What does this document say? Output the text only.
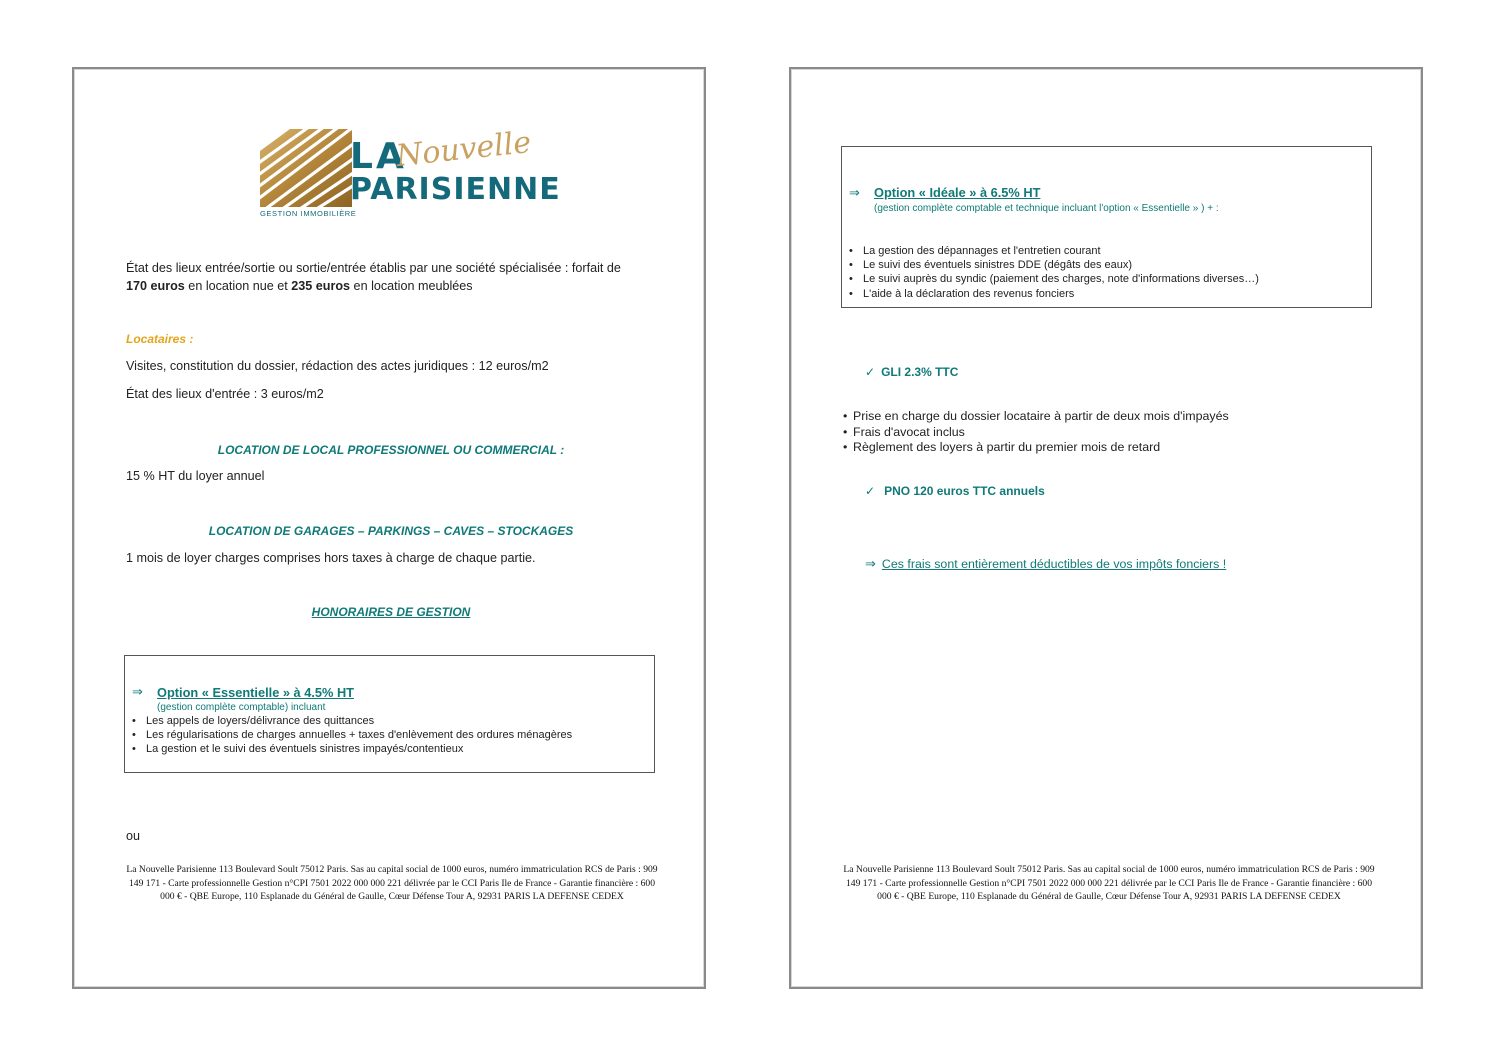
LA
Nouvelle
PARISIENNE
GESTION IMMOBILIÈRE
État des lieux entrée/sortie ou sortie/entrée établis par une société spécialisée : forfait de
170 euros en location nue et 235 euros en location meublées
Locataires :
Visites, constitution du dossier, rédaction des actes juridiques : 12 euros/m2
État des lieux d'entrée : 3 euros/m2
LOCATION DE LOCAL PROFESSIONNEL OU COMMERCIAL :
15 % HT du loyer annuel
LOCATION DE GARAGES – PARKINGS – CAVES – STOCKAGES
1 mois de loyer charges comprises hors taxes à charge de chaque partie.
HONORAIRES DE GESTION
⇒ Option « Essentielle » à 4.5% HT
(gestion complète comptable) incluant
• Les appels de loyers/délivrance des quittances
• Les régularisations de charges annuelles + taxes d'enlèvement des ordures ménagères
• La gestion et le suivi des éventuels sinistres impayés/contentieux
ou
La Nouvelle Parisienne 113 Boulevard Soult 75012 Paris. Sas au capital social de 1000 euros, numéro immatriculation RCS de Paris : 909 149 171 - Carte professionnelle Gestion n°CPI 7501 2022 000 000 221 délivrée par le CCI Paris Ile de France - Garantie financière : 600 000 € - QBE Europe, 110 Esplanade du Général de Gaulle, Cœur Défense Tour A, 92931 PARIS LA DEFENSE CEDEX
⇒ Option « Idéale » à 6.5% HT
(gestion complète comptable et technique incluant l'option « Essentielle » ) + :
• La gestion des dépannages et l'entretien courant
• Le suivi des éventuels sinistres DDE (dégâts des eaux)
• Le suivi auprès du syndic (paiement des charges, note d'informations diverses…)
• L'aide à la déclaration des revenus fonciers
✓ GLI 2.3% TTC
• Prise en charge du dossier locataire à partir de deux mois d'impayés
• Frais d'avocat inclus
• Règlement des loyers à partir du premier mois de retard
✓ PNO 120 euros TTC annuels
⇒ Ces frais sont entièrement déductibles de vos impôts fonciers !
La Nouvelle Parisienne 113 Boulevard Soult 75012 Paris. Sas au capital social de 1000 euros, numéro immatriculation RCS de Paris : 909 149 171 - Carte professionnelle Gestion n°CPI 7501 2022 000 000 221 délivrée par le CCI Paris Ile de France - Garantie financière : 600 000 € - QBE Europe, 110 Esplanade du Général de Gaulle, Cœur Défense Tour A, 92931 PARIS LA DEFENSE CEDEX
